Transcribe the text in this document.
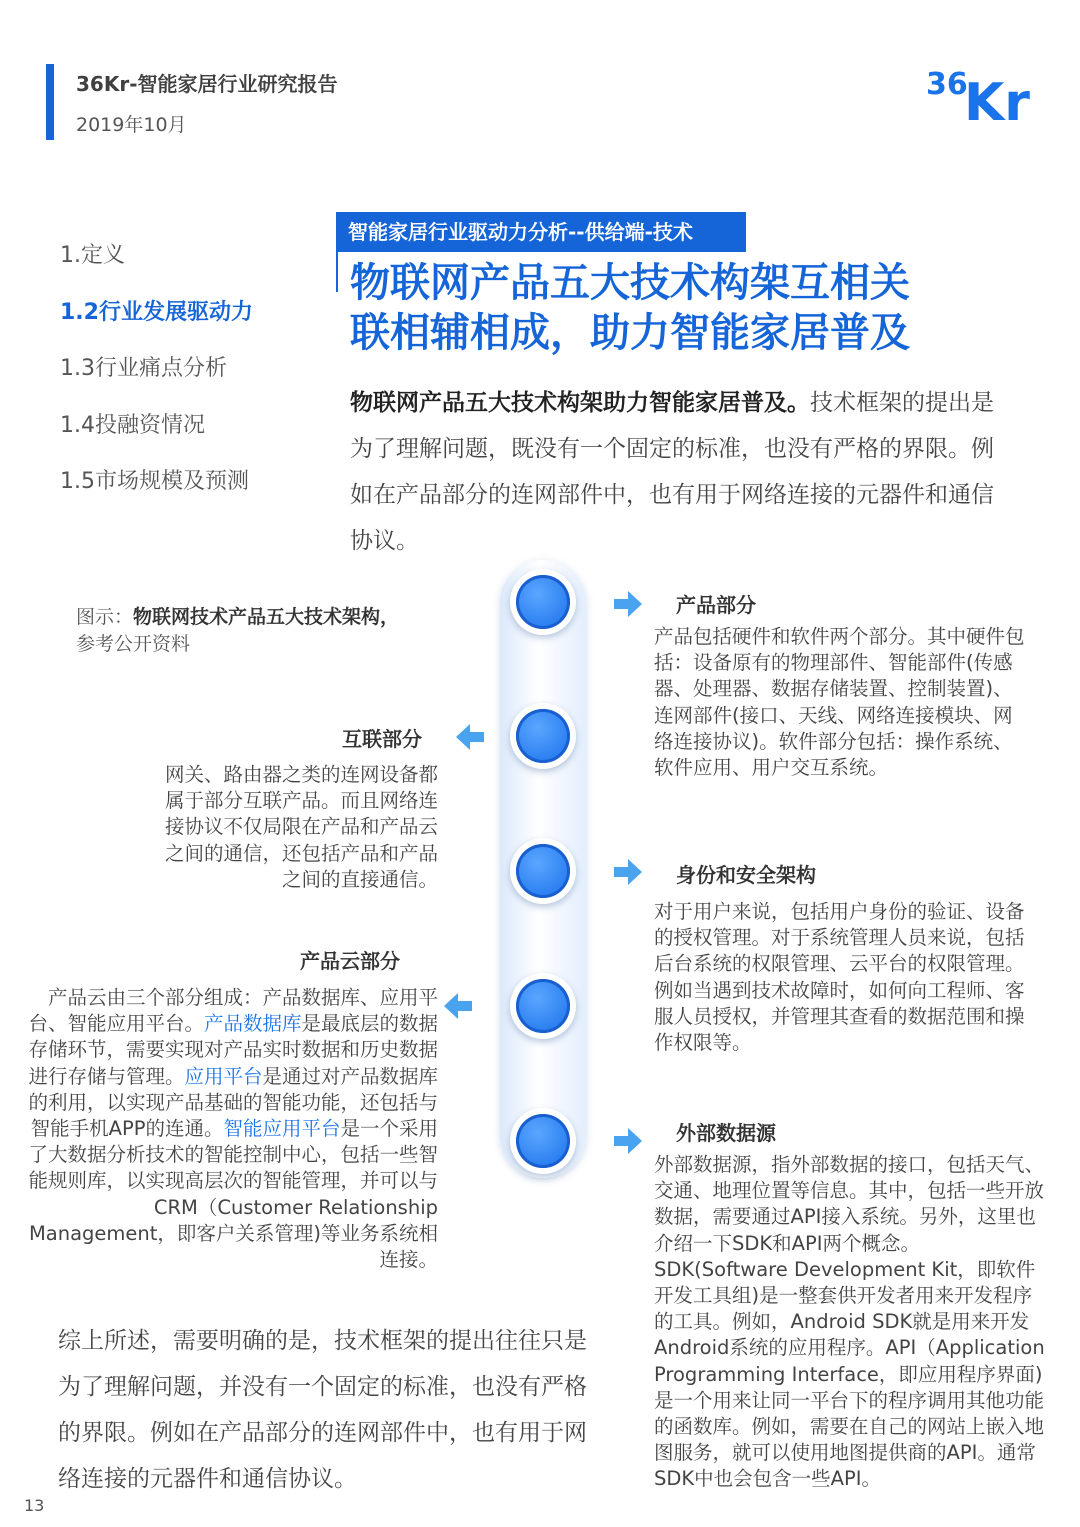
36Kr-智能家居行业研究报告
2019年10月
36
Kr
1.定义
1.2行业发展驱动力
1.3行业痛点分析
1.4投融资情况
1.5市场规模及预测
智能家居行业驱动力分析--供给端-技术
物联网产品五大技术构架互相关
联相辅相成，助力智能家居普及
物联网产品五大技术构架助力智能家居普及。技术框架的提出是为了理解问题，既没有一个固定的标准，也没有严格的界限。例如在产品部分的连网部件中，也有用于网络连接的元器件和通信协议。
图示：物联网技术产品五大技术架构，
参考公开资料
产品部分
产品包括硬件和软件两个部分。其中硬件包括：设备原有的物理部件、智能部件(传感器、处理器、数据存储装置、控制装置)、连网部件(接口、天线、网络连接模块、网络连接协议)。软件部分包括：操作系统、软件应用、用户交互系统。
互联部分
网关、路由器之类的连网设备都属于部分互联产品。而且网络连接协议不仅局限在产品和产品云之间的通信，还包括产品和产品之间的直接通信。	身份和安全架构
对于用户来说，包括用户身份的验证、设备的授权管理。对于系统管理人员来说，包括后台系统的权限管理、云平台的权限管理。例如当遇到技术故障时，如何向工程师、客服人员授权，并管理其查看的数据范围和操作权限等。
产品云部分
产品云由三个部分组成：产品数据库、应用平台、智能应用平台。产品数据库是最底层的数据存储环节，需要实现对产品实时数据和历史数据进行存储与管理。应用平台是通过对产品数据库的利用，以实现产品基础的智能功能，还包括与智能手机APP的连通。智能应用平台是一个采用了大数据分析技术的智能控制中心，包括一些智能规则库，以实现高层次的智能管理，并可以与CRM（Customer Relationship Management，即客户关系管理)等业务系统相连接。
外部数据源
外部数据源，指外部数据的接口，包括天气、交通、地理位置等信息。其中，包括一些开放数据，需要通过API接入系统。另外，这里也介绍一下SDK和API两个概念。SDK(Software Development Kit，即软件开发工具组)是一整套供开发者用来开发程序的工具。例如，Android SDK就是用来开发Android系统的应用程序。API（Application Programming Interface，即应用程序界面)是一个用来让同一平台下的程序调用其他功能的函数库。例如，需要在自己的网站上嵌入地图服务，就可以使用地图提供商的API。通常SDK中也会包含一些API。
综上所述，需要明确的是，技术框架的提出往往只是为了理解问题，并没有一个固定的标准，也没有严格的界限。例如在产品部分的连网部件中，也有用于网络连接的元器件和通信协议。
13
